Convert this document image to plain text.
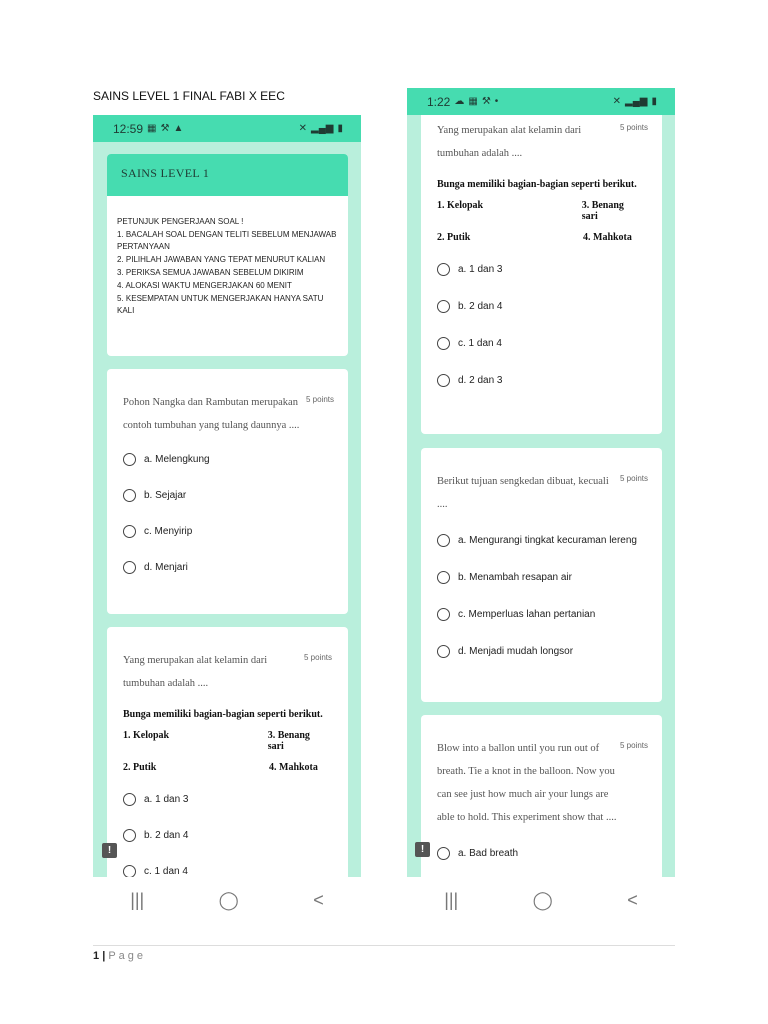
SAINS LEVEL 1 FINAL FABI X EEC
12:59 ▦ ⚒ ▲	✕ ▂▄▆ ▮
SAINS LEVEL 1
PETUNJUK PENGERJAAN SOAL !
1. BACALAH SOAL DENGAN TELITI SEBELUM MENJAWAB PERTANYAAN
2. PILIHLAH JAWABAN YANG TEPAT MENURUT KALIAN
3. PERIKSA SEMUA JAWABAN SEBELUM DIKIRIM
4. ALOKASI WAKTU MENGERJAKAN 60 MENIT
5. KESEMPATAN UNTUK MENGERJAKAN HANYA SATU KALI
Pohon Nangka dan Rambutan merupakan contoh tumbuhan yang tulang daunnya ....
5 points
a. Melengkung
b. Sejajar
c. Menyirip
d. Menjari
Yang merupakan alat kelamin dari tumbuhan adalah ....
5 points
Bunga memiliki bagian-bagian seperti berikut.
1. Kelopak	3. Benang sari
2. Putik	4. Mahkota
a. 1 dan 3
b. 2 dan 4
c. 1 dan 4
!
|||	◯	<
1:22 ☁ ▦ ⚒ •	✕ ▂▄▆ ▮
Yang merupakan alat kelamin dari tumbuhan adalah ....
5 points
Bunga memiliki bagian-bagian seperti berikut.
1. Kelopak	3. Benang sari
2. Putik	4. Mahkota
a. 1 dan 3
b. 2 dan 4
c. 1 dan 4
d. 2 dan 3
Berikut tujuan sengkedan dibuat, kecuali ....
5 points
a. Mengurangi tingkat kecuraman lereng
b. Menambah resapan air
c. Memperluas lahan pertanian
d. Menjadi mudah longsor
Blow into a ballon until you run out of breath. Tie a knot in the balloon. Now you can see just how much air your lungs are able to hold. This experiment show that ....
5 points
a. Bad breath
!
|||	◯	<
1 | Page
